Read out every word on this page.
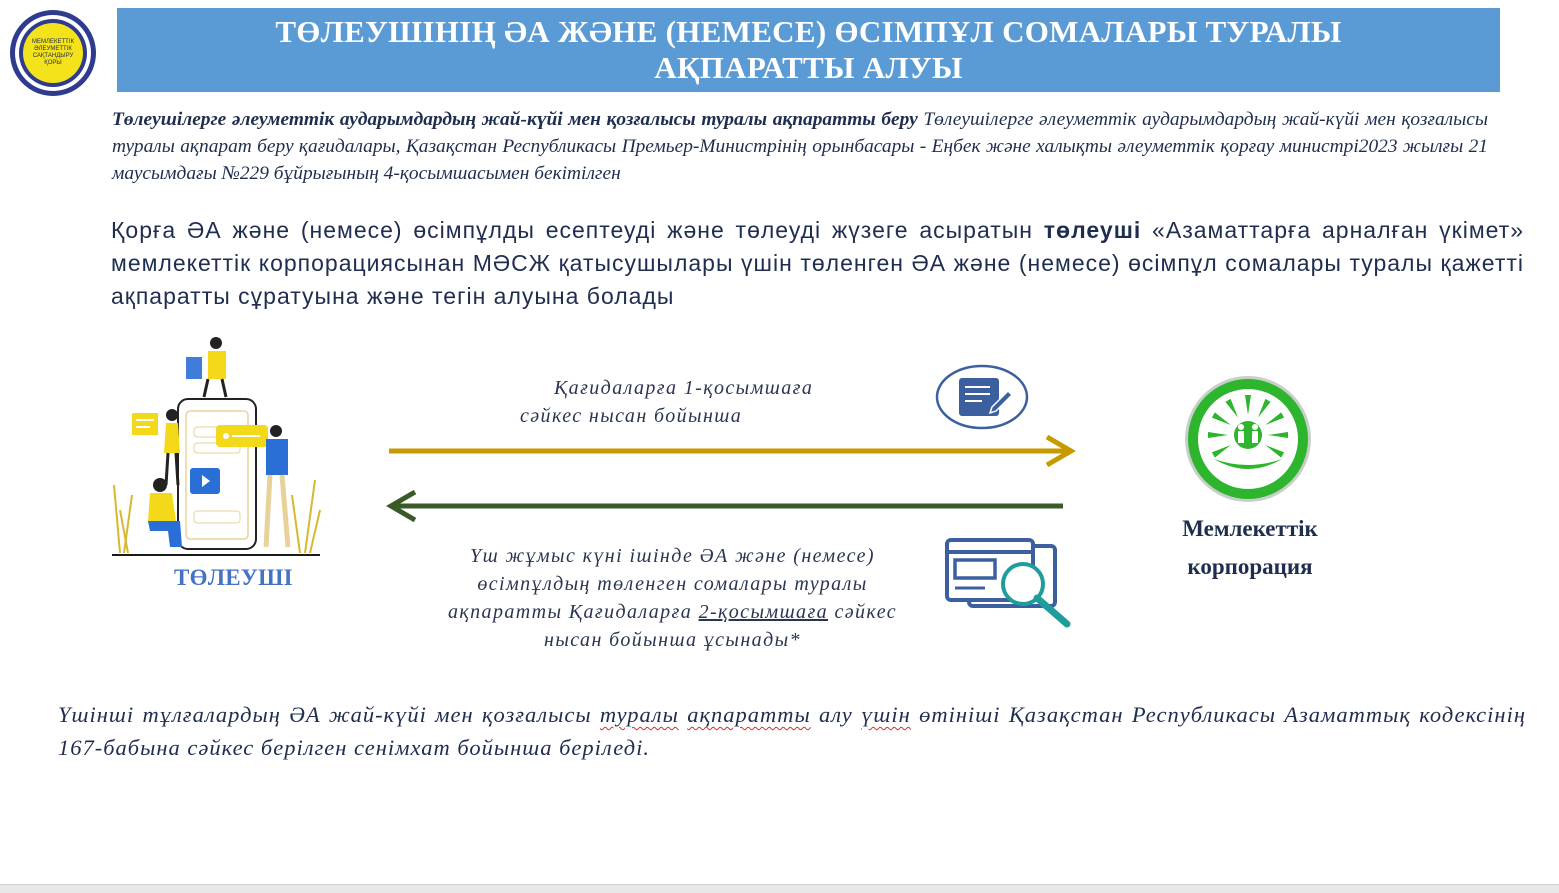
МЕМЛЕКЕТТІК
ӘЛЕУМЕТТІК
САҚТАНДЫРУ
ҚОРЫ
ТӨЛЕУШІНІҢ ӘА ЖӘНЕ (НЕМЕСЕ) ӨСІМПҰЛ СОМАЛАРЫ ТУРАЛЫ
АҚПАРАТТЫ АЛУЫ
Төлеушілерге әлеуметтік аударымдардың жай-күйі мен қозғалысы туралы ақпаратты беру Төлеушілерге әлеуметтік аударымдардың жай-күйі мен қозғалысы туралы ақпарат беру қағидалары, Қазақстан Республикасы Премьер-Министрінің орынбасары - Еңбек және халықты әлеуметтік қорғау министрі2023 жылғы 21 маусымдағы №229 бұйрығының 4-қосымшасымен бекітілген
Қорға ӘА және (немесе) өсімпұлды есептеуді және төлеуді жүзеге асыратын төлеуші «Азаматтарға арналған үкімет» мемлекеттік корпорациясынан МӘСЖ қатысушылары үшін төленген ӘА және (немесе) өсімпұл сомалары туралы қажетті ақпаратты сұратуына және тегін алуына болады
ТӨЛЕУШІ
Қағидаларға 1-қосымшаға
сәйкес нысан бойынша
Үш жұмыс күні ішінде ӘА және (немесе)
өсімпұлдың төленген сомалары туралы
ақпаратты Қағидаларға 2-қосымшаға сәйкес
нысан бойынша ұсынады*
Мемлекеттік
корпорация
Үшінші тұлғалардың ӘА жай-күйі мен қозғалысы туралы ақпаратты алу үшін өтініші Қазақстан Республикасы Азаматтық кодексінің 167-бабына сәйкес берілген сенімхат бойынша беріледі.
